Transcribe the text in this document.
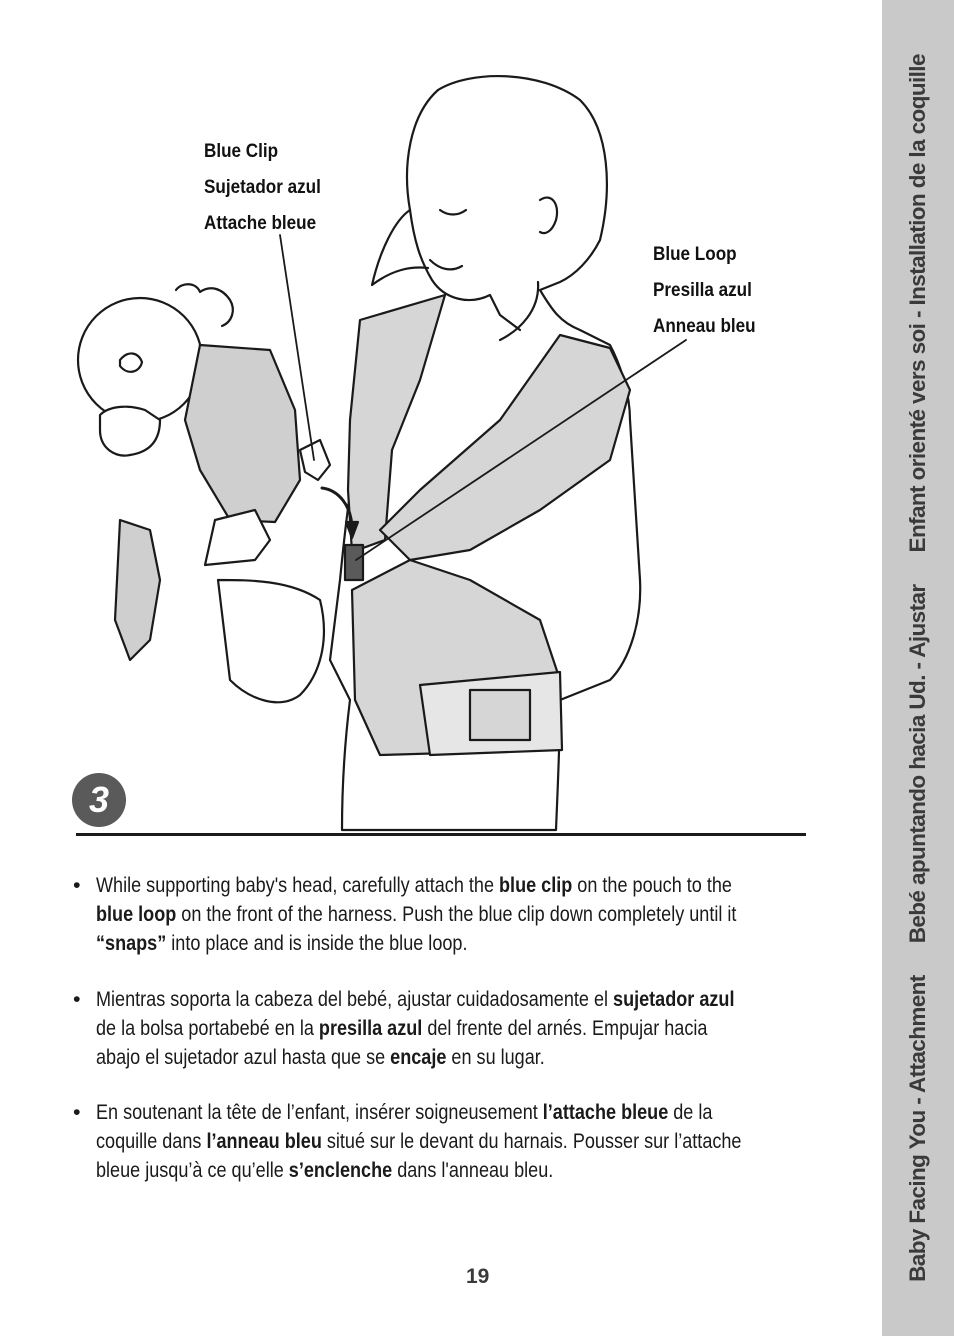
Baby Facing You - AttachmentBebé apuntando hacia Ud. - AjustarEnfant orienté vers soi - Installation de la coquille
Blue Clip
Sujetador azul
Attache bleue
Blue Loop
Presilla azul
Anneau bleu
3
• While supporting baby's head, carefully attach the blue clip on the pouch to the
blue loop on the front of the harness. Push the blue clip down completely until it
“snaps” into place and is inside the blue loop.
• Mientras soporta la cabeza del bebé, ajustar cuidadosamente el sujetador azul
de la bolsa portabebé en la presilla azul del frente del arnés. Empujar hacia
abajo el sujetador azul hasta que se encaje en su lugar.
• En soutenant la tête de l’enfant, insérer soigneusement l’attache bleue de la
coquille dans l’anneau bleu situé sur le devant du harnais. Pousser sur l’attache
bleue jusqu’à ce qu’elle s’enclenche dans l'anneau bleu.
19
